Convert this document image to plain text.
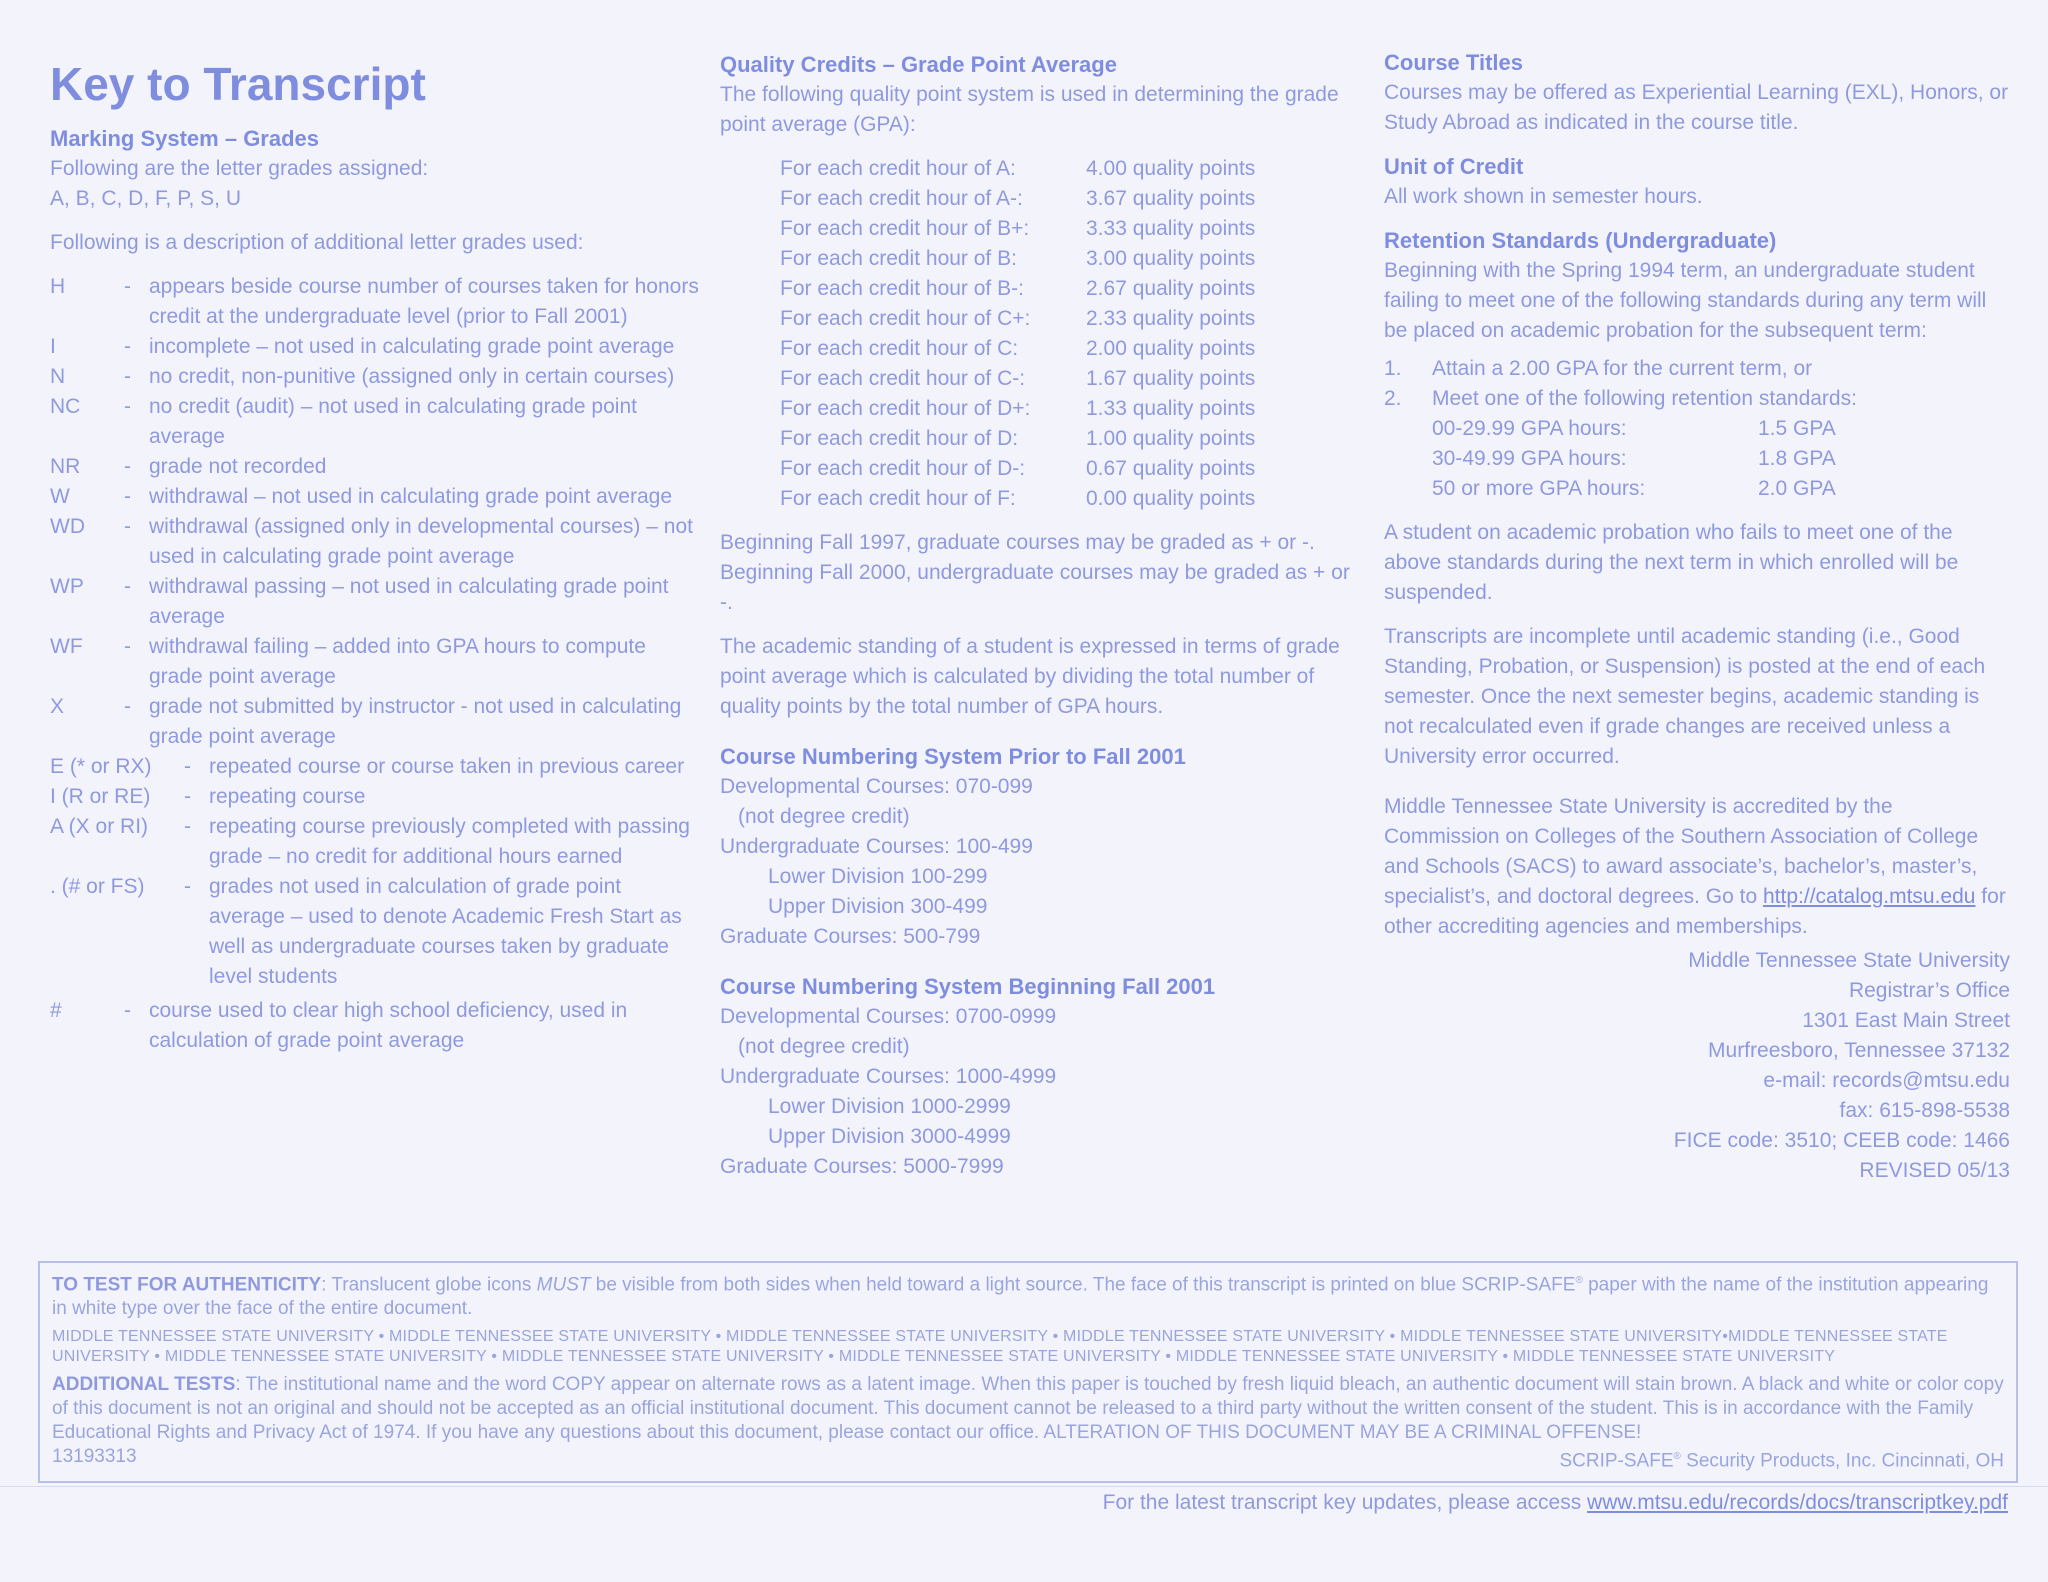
Key to Transcript

Marking System – Grades

Following are the letter grades assigned:

A, B, C, D, F, P, S, U

Following is a description of additional letter grades used:

H	- appears beside course number of courses taken for honors credit at the undergraduate level (prior to Fall 2001)
I	- incomplete – not used in calculating grade point average
N	- no credit, non-punitive (assigned only in certain courses)
NC	- no credit (audit) – not used in calculating grade point average
NR	- grade not recorded
W	- withdrawal – not used in calculating grade point average
WD	- withdrawal (assigned only in developmental courses) – not used in calculating grade point average
WP	- withdrawal passing – not used in calculating grade point average
WF	- withdrawal failing – added into GPA hours to compute grade point average
X	- grade not submitted by instructor - not used in calculating grade point average
E (* or RX)	- repeated course or course taken in previous career
I (R or RE)	- repeating course
A (X or RI)	- repeating course previously completed with passing grade – no credit for additional hours earned
. (# or FS)	- grades not used in calculation of grade point average – used to denote Academic Fresh Start as well as undergraduate courses taken by graduate level students
#	- course used to clear high school deficiency, used in calculation of grade point average

Quality Credits – Grade Point Average

The following quality point system is used in determining the grade point average (GPA):

For each credit hour of A:	4.00 quality points
For each credit hour of A-:	3.67 quality points
For each credit hour of B+:	3.33 quality points
For each credit hour of B:	3.00 quality points
For each credit hour of B-:	2.67 quality points
For each credit hour of C+:	2.33 quality points
For each credit hour of C:	2.00 quality points
For each credit hour of C-:	1.67 quality points
For each credit hour of D+:	1.33 quality points
For each credit hour of D:	1.00 quality points
For each credit hour of D-:	0.67 quality points
For each credit hour of F:	0.00 quality points

Beginning Fall 1997, graduate courses may be graded as + or -. Beginning Fall 2000, undergraduate courses may be graded as + or -.

The academic standing of a student is expressed in terms of grade point average which is calculated by dividing the total number of quality points by the total number of GPA hours.

Course Numbering System Prior to Fall 2001

Developmental Courses: 070-099

(not degree credit)

Undergraduate Courses: 100-499

Lower Division 100-299

Upper Division 300-499

Graduate Courses: 500-799

Course Numbering System Beginning Fall 2001

Developmental Courses: 0700-0999

(not degree credit)

Undergraduate Courses: 1000-4999

Lower Division 1000-2999

Upper Division 3000-4999

Graduate Courses: 5000-7999

Course Titles

Courses may be offered as Experiential Learning (EXL), Honors, or Study Abroad as indicated in the course title.

Unit of Credit

All work shown in semester hours.

Retention Standards (Undergraduate)

Beginning with the Spring 1994 term, an undergraduate student failing to meet one of the following standards during any term will be placed on academic probation for the subsequent term:

1.	Attain a 2.00 GPA for the current term, or
2.	Meet one of the following retention standards:
00-29.99 GPA hours:	1.5 GPA
30-49.99 GPA hours:	1.8 GPA
50 or more GPA hours:	2.0 GPA

A student on academic probation who fails to meet one of the above standards during the next term in which enrolled will be suspended.

Transcripts are incomplete until academic standing (i.e., Good Standing, Probation, or Suspension) is posted at the end of each semester. Once the next semester begins, academic standing is not recalculated even if grade changes are received unless a University error occurred.

Middle Tennessee State University is accredited by the Commission on Colleges of the Southern Association of College and Schools (SACS) to award associate’s, bachelor’s, master’s, specialist’s, and doctoral degrees. Go to http://catalog.mtsu.edu for other accrediting agencies and memberships.

Middle Tennessee State University
Registrar’s Office
1301 East Main Street
Murfreesboro, Tennessee 37132
e-mail: records@mtsu.edu
fax: 615-898-5538
FICE code: 3510; CEEB code: 1466
REVISED 05/13

TO TEST FOR AUTHENTICITY: Translucent globe icons MUST be visible from both sides when held toward a light source. The face of this transcript is printed on blue SCRIP-SAFE® paper with the name of the institution appearing in white type over the face of the entire document.

MIDDLE TENNESSEE STATE UNIVERSITY • MIDDLE TENNESSEE STATE UNIVERSITY • MIDDLE TENNESSEE STATE UNIVERSITY • MIDDLE TENNESSEE STATE UNIVERSITY • MIDDLE TENNESSEE STATE UNIVERSITY•MIDDLE TENNESSEE STATE UNIVERSITY • MIDDLE TENNESSEE STATE UNIVERSITY • MIDDLE TENNESSEE STATE UNIVERSITY • MIDDLE TENNESSEE STATE UNIVERSITY • MIDDLE TENNESSEE STATE UNIVERSITY • MIDDLE TENNESSEE STATE UNIVERSITY

ADDITIONAL TESTS: The institutional name and the word COPY appear on alternate rows as a latent image. When this paper is touched by fresh liquid bleach, an authentic document will stain brown. A black and white or color copy of this document is not an original and should not be accepted as an official institutional document. This document cannot be released to a third party without the written consent of the student. This is in accordance with the Family Educational Rights and Privacy Act of 1974. If you have any questions about this document, please contact our office. ALTERATION OF THIS DOCUMENT MAY BE A CRIMINAL OFFENSE!

13193313	SCRIP-SAFE® Security Products, Inc. Cincinnati, OH
For the latest transcript key updates, please access www.mtsu.edu/records/docs/transcriptkey.pdf
